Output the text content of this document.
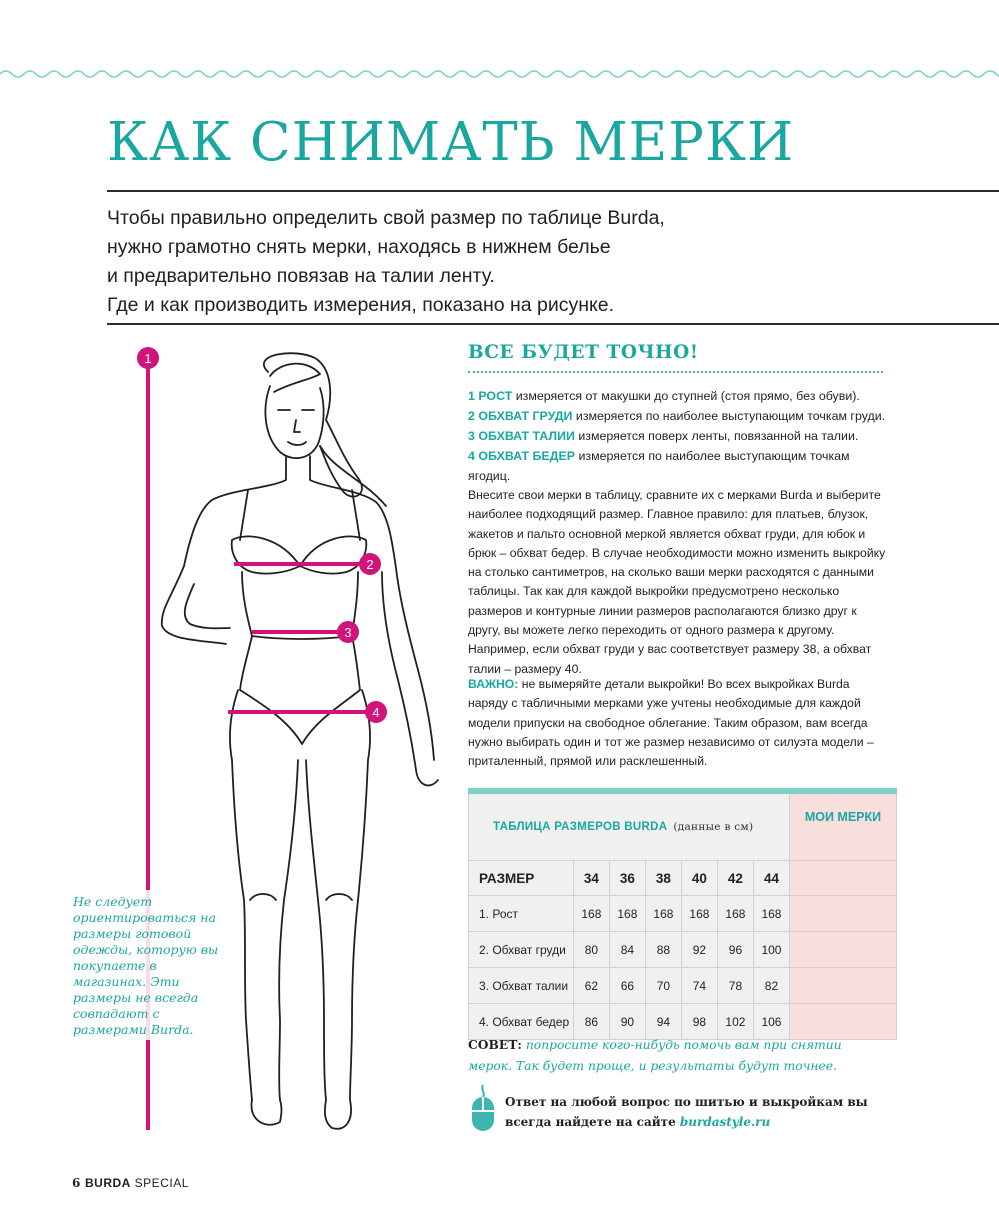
КАК СНИМАТЬ МЕРКИ
Чтобы правильно определить свой размер по таблице Burda,
нужно грамотно снять мерки, находясь в нижнем белье
и предварительно повязав на талии ленту.
Где и как производить измерения, показано на рисунке.
1
2
3
4
Не следует ориентироваться на размеры готовой одежды, которую вы покупаете в магазинах. Эти размеры не всегда совпадают с размерами Burda.
ВСЕ БУДЕТ ТОЧНО!
1 РОСТ измеряется от макушки до ступней (стоя прямо, без обуви).
2 ОБХВАТ ГРУДИ измеряется по наиболее выступающим точкам груди.
3 ОБХВАТ ТАЛИИ измеряется поверх ленты, повязанной на талии.
4 ОБХВАТ БЕДЕР измеряется по наиболее выступающим точкам ягодиц.
Внесите свои мерки в таблицу, сравните их с мерками Burda и выберите наиболее подходящий размер. Главное правило: для платьев, блузок, жакетов и пальто основной меркой является обхват груди, для юбок и брюк – обхват бедер. В случае необходимости можно изменить выкройку на столько сантиметров, на сколько ваши мерки расходятся с данными таблицы. Так как для каждой выкройки предусмотрено несколько размеров и контурные линии размеров располагаются близко друг к другу, вы можете легко переходить от одного размера к другому. Например, если обхват груди у вас соответствует размеру 38, а обхват талии – размеру 40.
ВАЖНО: не вымеряйте детали выкройки! Во всех выкройках Burda наряду с табличными мерками уже учтены необходимые для каждой модели припуски на свободное облегание. Таким образом, вам всегда нужно выбирать один и тот же размер независимо от силуэта модели – приталенный, прямой или расклешенный.
ТАБЛИЦА РАЗМЕРОВ BURDA (данные в см)							МОИ МЕРКИ
РАЗМЕР	34	36	38	40	42	44	
1. Рост	168	168	168	168	168	168	
2. Обхват груди	80	84	88	92	96	100	
3. Обхват талии	62	66	70	74	78	82	
4. Обхват бедер	86	90	94	98	102	106	
СОВЕТ: попросите кого-нибудь помочь вам при снятии мерок. Так будет проще, и результаты будут точнее.
Ответ на любой вопрос по шитью и выкройкам вы всегда найдете на сайте burdastyle.ru
6 BURDA SPECIAL
